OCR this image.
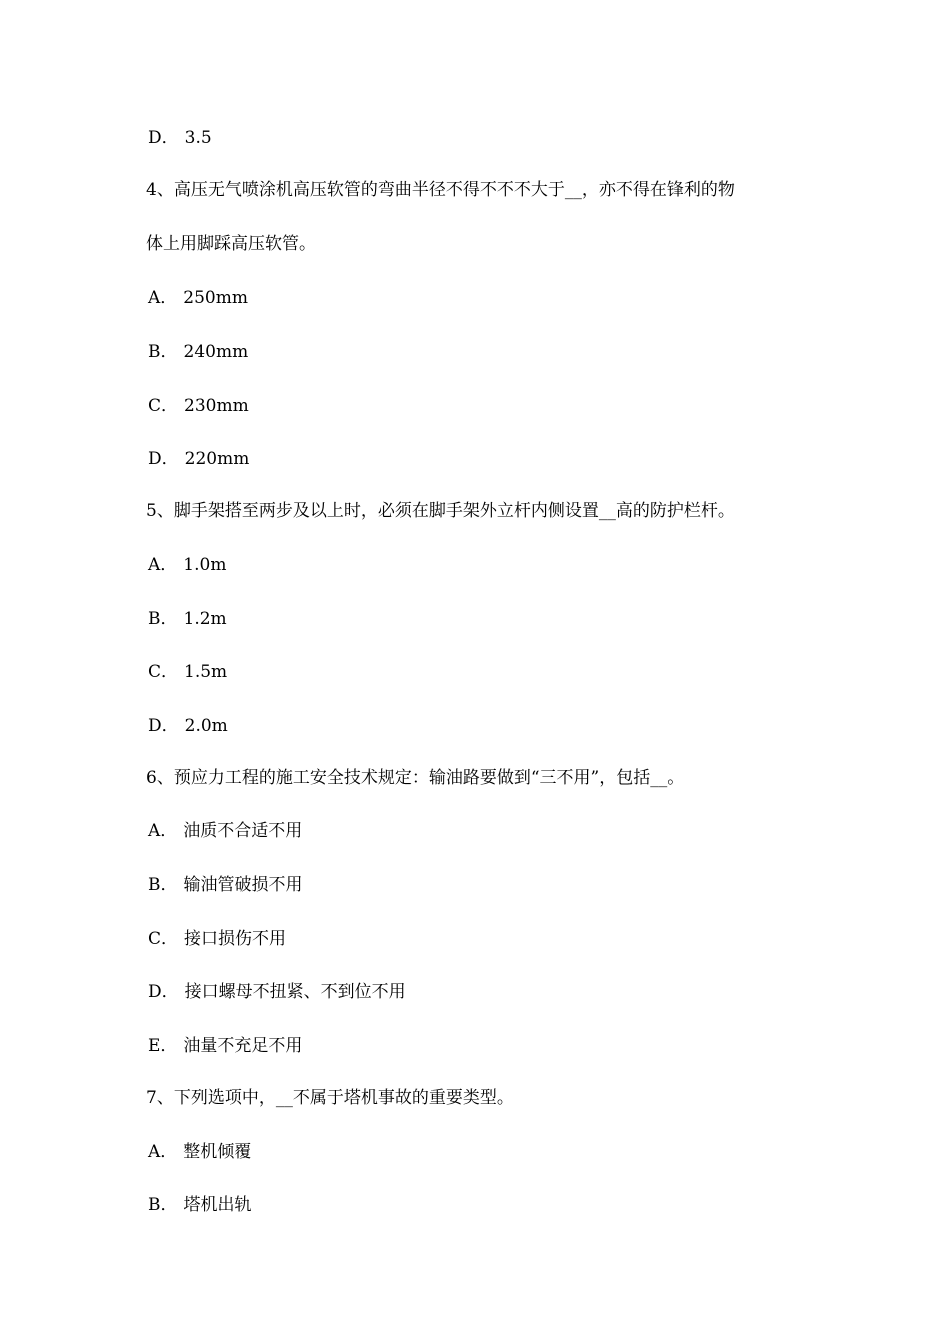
D． 3.5
4、高压无气喷涂机高压软管的弯曲半径不得不不不大于__，亦不得在锋利的物
体上用脚踩高压软管。
A． 250mm
B． 240mm
C． 230mm
D． 220mm
5、脚手架搭至两步及以上时，必须在脚手架外立杆内侧设置__高的防护栏杆。
A． 1.0m
B． 1.2m
C． 1.5m
D． 2.0m
6、预应力工程的施工安全技术规定：输油路要做到“三不用”，包括__。
A． 油质不合适不用
B． 输油管破损不用
C． 接口损伤不用
D． 接口螺母不扭紧、不到位不用
E． 油量不充足不用
7、下列选项中，__不属于塔机事故的重要类型。
A． 整机倾覆
B． 塔机出轨
